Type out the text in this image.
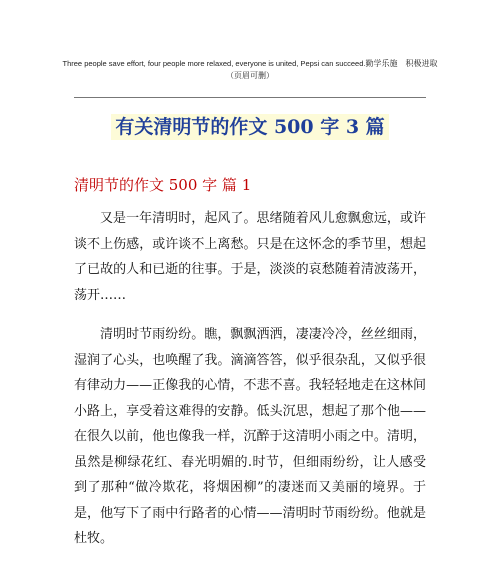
Three people save effort, four people more relaxed, everyone is united, Pepsi can succeed.勤学乐施　积极进取
（页眉可删）
有关清明节的作文 500 字 3 篇
清明节的作文 500 字 篇 1

又是一年清明时，起风了。思绪随着风儿愈飘愈远，或许谈不上伤感，或许谈不上离愁。只是在这怀念的季节里，想起了已故的人和已逝的往事。于是，淡淡的哀愁随着清波荡开，荡开……

清明时节雨纷纷。瞧，飘飘洒洒，凄凄冷冷，丝丝细雨，湿润了心头，也唤醒了我。滴滴答答，似乎很杂乱，又似乎很有律动力——正像我的心情，不悲不喜。我轻轻地走在这林间小路上，享受着这难得的安静。低头沉思，想起了那个他——在很久以前，他也像我一样，沉醉于这清明小雨之中。清明，虽然是柳绿花红、春光明媚的.时节，但细雨纷纷，让人感受到了那种“做冷欺花，将烟困柳”的凄迷而又美丽的境界。于是，他写下了雨中行路者的心情——清明时节雨纷纷。他就是杜牧。
